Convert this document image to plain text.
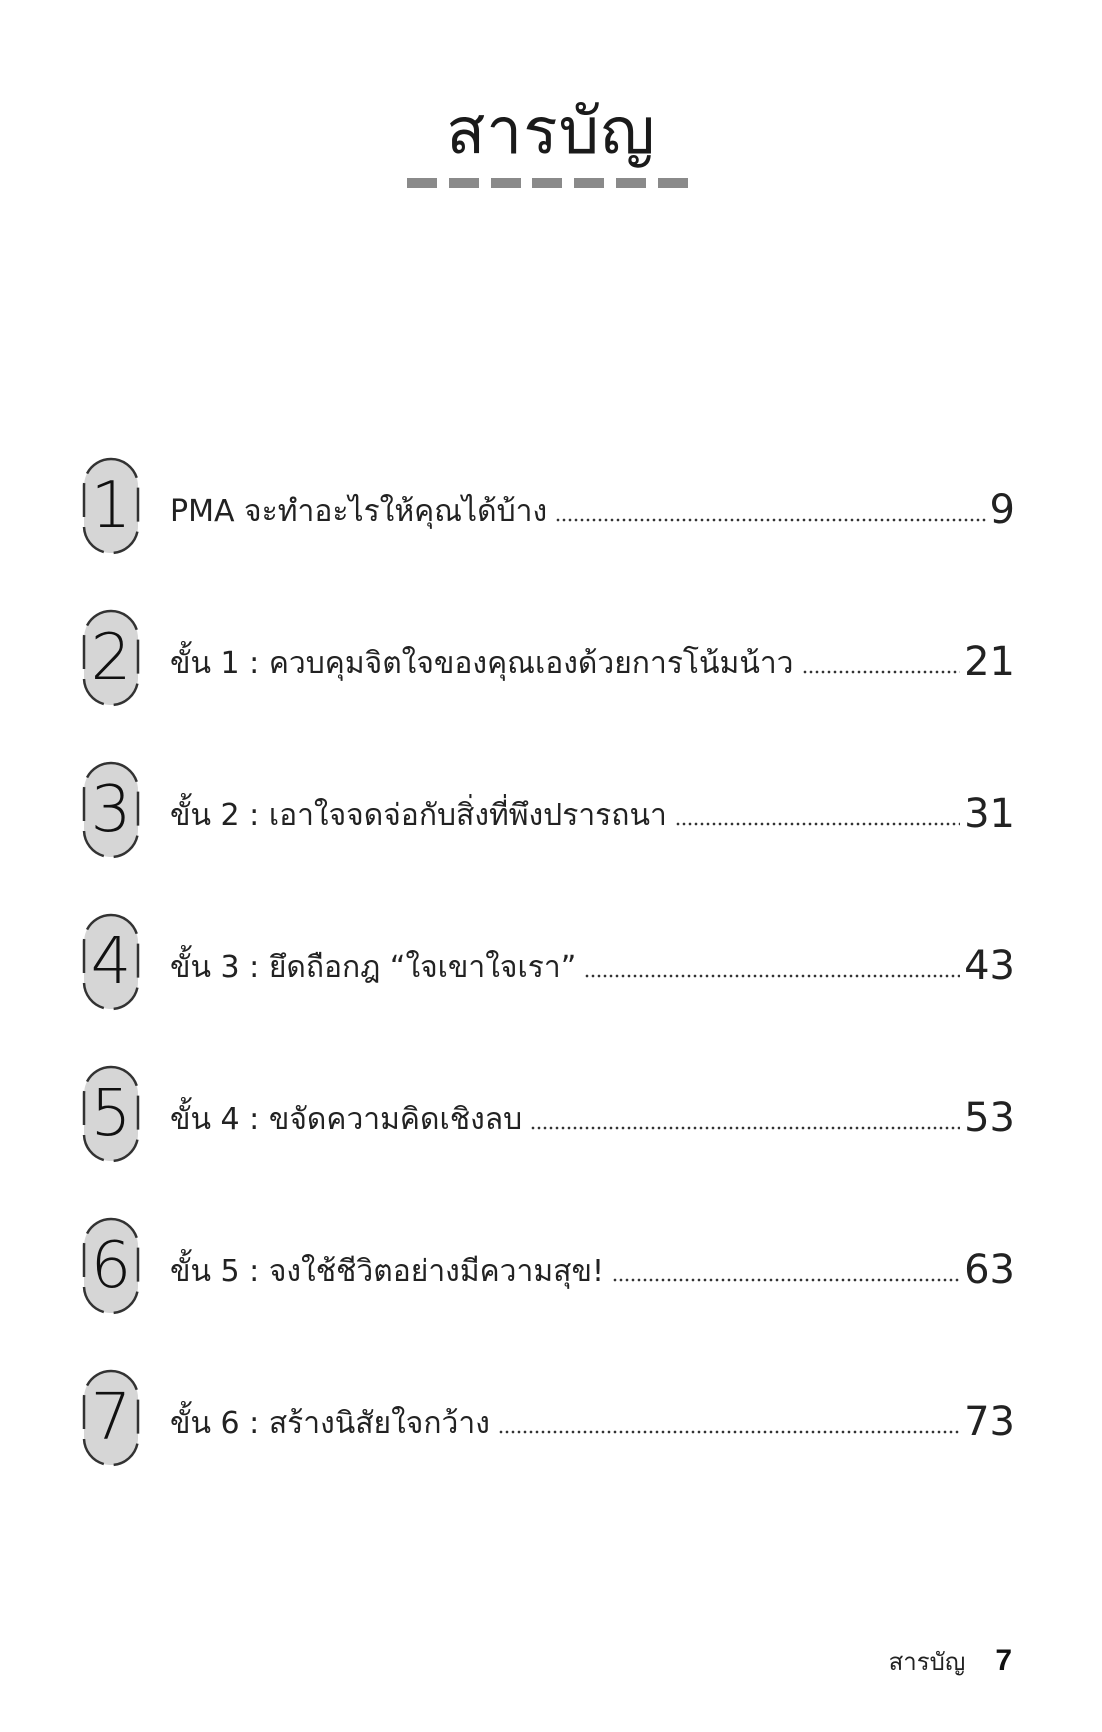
สารบัญ
1	PMA จะทำอะไรให้คุณได้บ้าง	9
2	ขั้น 1 : ควบคุมจิตใจของคุณเองด้วยการโน้มน้าว	21
3	ขั้น 2 : เอาใจจดจ่อกับสิ่งที่พึงปรารถนา	31
4	ขั้น 3 : ยึดถือกฎ “ใจเขาใจเรา”	43
5	ขั้น 4 : ขจัดความคิดเชิงลบ	53
6	ขั้น 5 : จงใช้ชีวิตอย่างมีความสุข!	63
7	ขั้น 6 : สร้างนิสัยใจกว้าง	73
สารบัญ 7
